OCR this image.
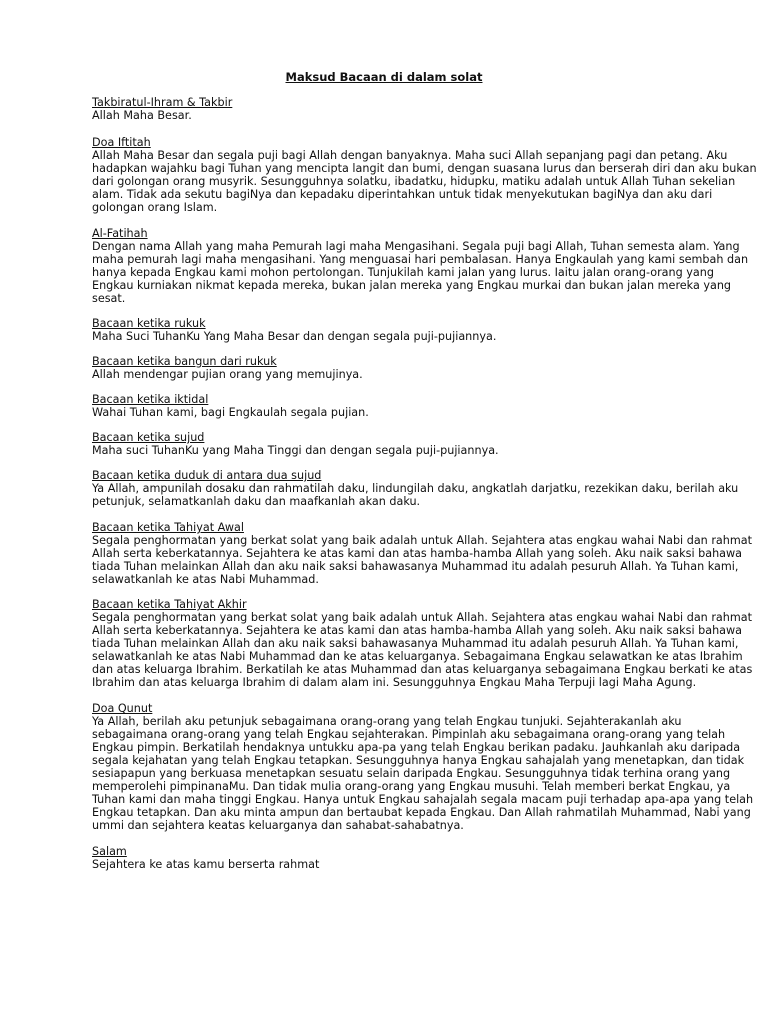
Maksud Bacaan di dalam solat
Takbiratul-Ihram & Takbir
Allah Maha Besar.
Doa Iftitah
Allah Maha Besar dan segala puji bagi Allah dengan banyaknya. Maha suci Allah sepanjang pagi dan petang. Aku
hadapkan wajahku bagi Tuhan yang mencipta langit dan bumi, dengan suasana lurus dan berserah diri dan aku bukan
dari golongan orang musyrik. Sesungguhnya solatku, ibadatku, hidupku, matiku adalah untuk Allah Tuhan sekelian
alam. Tidak ada sekutu bagiNya dan kepadaku diperintahkan untuk tidak menyekutukan bagiNya dan aku dari
golongan orang Islam.
Al-Fatihah
Dengan nama Allah yang maha Pemurah lagi maha Mengasihani. Segala puji bagi Allah, Tuhan semesta alam. Yang
maha pemurah lagi maha mengasihani. Yang menguasai hari pembalasan. Hanya Engkaulah yang kami sembah dan
hanya kepada Engkau kami mohon pertolongan. Tunjukilah kami jalan yang lurus. Iaitu jalan orang-orang yang
Engkau kurniakan nikmat kepada mereka, bukan jalan mereka yang Engkau murkai dan bukan jalan mereka yang
sesat.
Bacaan ketika rukuk
Maha Suci TuhanKu Yang Maha Besar dan dengan segala puji-pujiannya.
Bacaan ketika bangun dari rukuk
Allah mendengar pujian orang yang memujinya.
Bacaan ketika iktidal
Wahai Tuhan kami, bagi Engkaulah segala pujian.
Bacaan ketika sujud
Maha suci TuhanKu yang Maha Tinggi dan dengan segala puji-pujiannya.
Bacaan ketika duduk di antara dua sujud
Ya Allah, ampunilah dosaku dan rahmatilah daku, lindungilah daku, angkatlah darjatku, rezekikan daku, berilah aku
petunjuk, selamatkanlah daku dan maafkanlah akan daku.
Bacaan ketika Tahiyat Awal
Segala penghormatan yang berkat solat yang baik adalah untuk Allah. Sejahtera atas engkau wahai Nabi dan rahmat
Allah serta keberkatannya. Sejahtera ke atas kami dan atas hamba-hamba Allah yang soleh. Aku naik saksi bahawa
tiada Tuhan melainkan Allah dan aku naik saksi bahawasanya Muhammad itu adalah pesuruh Allah. Ya Tuhan kami,
selawatkanlah ke atas Nabi Muhammad.
Bacaan ketika Tahiyat Akhir
Segala penghormatan yang berkat solat yang baik adalah untuk Allah. Sejahtera atas engkau wahai Nabi dan rahmat
Allah serta keberkatannya. Sejahtera ke atas kami dan atas hamba-hamba Allah yang soleh. Aku naik saksi bahawa
tiada Tuhan melainkan Allah dan aku naik saksi bahawasanya Muhammad itu adalah pesuruh Allah. Ya Tuhan kami,
selawatkanlah ke atas Nabi Muhammad dan ke atas keluarganya. Sebagaimana Engkau selawatkan ke atas Ibrahim
dan atas keluarga Ibrahim. Berkatilah ke atas Muhammad dan atas keluarganya sebagaimana Engkau berkati ke atas
Ibrahim dan atas keluarga Ibrahim di dalam alam ini. Sesungguhnya Engkau Maha Terpuji lagi Maha Agung.
Doa Qunut
Ya Allah, berilah aku petunjuk sebagaimana orang-orang yang telah Engkau tunjuki. Sejahterakanlah aku
sebagaimana orang-orang yang telah Engkau sejahterakan. Pimpinlah aku sebagaimana orang-orang yang telah
Engkau pimpin. Berkatilah hendaknya untukku apa-pa yang telah Engkau berikan padaku. Jauhkanlah aku daripada
segala kejahatan yang telah Engkau tetapkan. Sesungguhnya hanya Engkau sahajalah yang menetapkan, dan tidak
sesiapapun yang berkuasa menetapkan sesuatu selain daripada Engkau. Sesungguhnya tidak terhina orang yang
memperolehi pimpinanaMu. Dan tidak mulia orang-orang yang Engkau musuhi. Telah memberi berkat Engkau, ya
Tuhan kami dan maha tinggi Engkau. Hanya untuk Engkau sahajalah segala macam puji terhadap apa-apa yang telah
Engkau tetapkan. Dan aku minta ampun dan bertaubat kepada Engkau. Dan Allah rahmatilah Muhammad, Nabi yang
ummi dan sejahtera keatas keluarganya dan sahabat-sahabatnya.
Salam
Sejahtera ke atas kamu berserta rahmat
